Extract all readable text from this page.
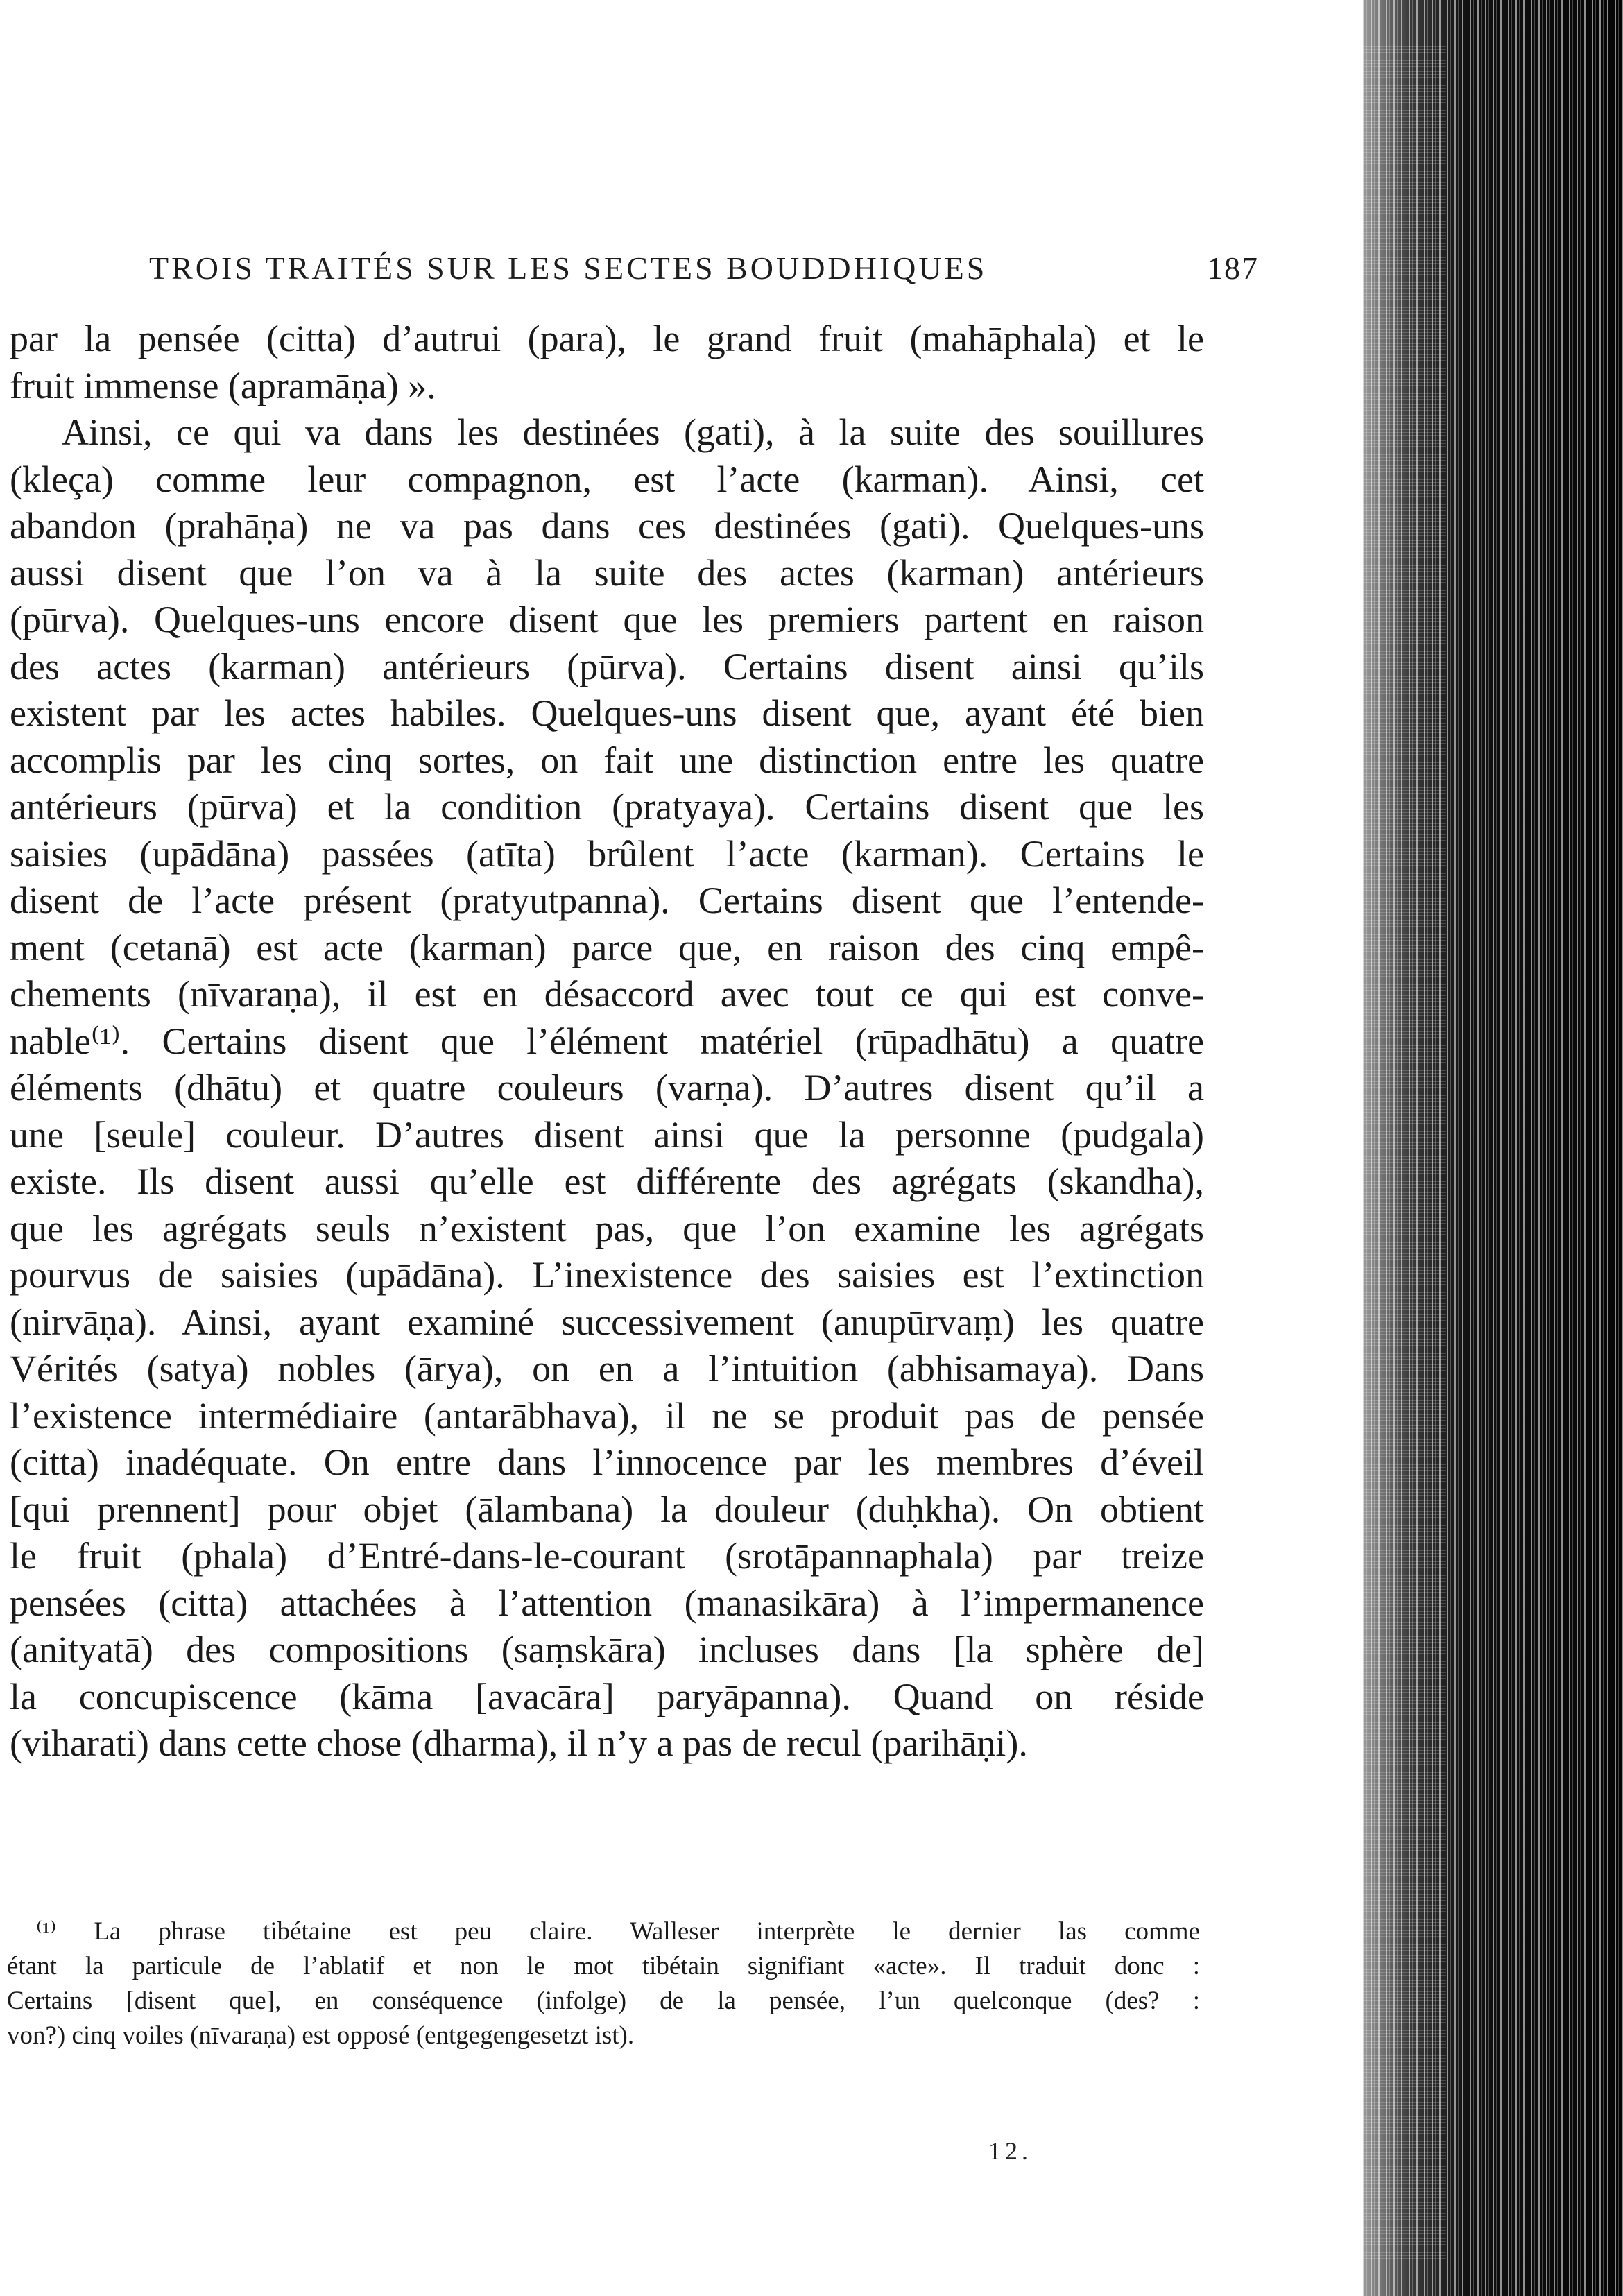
TROIS TRAITÉS SUR LES SECTES BOUDDHIQUES	187
par la pensée (citta) d’autrui (para), le grand fruit (mahāphala) et le
fruit immense (apramāṇa) ».
Ainsi, ce qui va dans les destinées (gati), à la suite des souillures
(kleça) comme leur compagnon, est l’acte (karman). Ainsi, cet
abandon (prahāṇa) ne va pas dans ces destinées (gati). Quelques-uns
aussi disent que l’on va à la suite des actes (karman) antérieurs
(pūrva). Quelques-uns encore disent que les premiers partent en raison
des actes (karman) antérieurs (pūrva). Certains disent ainsi qu’ils
existent par les actes habiles. Quelques-uns disent que, ayant été bien
accomplis par les cinq sortes, on fait une distinction entre les quatre
antérieurs (pūrva) et la condition (pratyaya). Certains disent que les
saisies (upādāna) passées (atīta) brûlent l’acte (karman). Certains le
disent de l’acte présent (pratyutpanna). Certains disent que l’entende-
ment (cetanā) est acte (karman) parce que, en raison des cinq empê-
chements (nīvaraṇa), il est en désaccord avec tout ce qui est conve-
nable⁽¹⁾. Certains disent que l’élément matériel (rūpadhātu) a quatre
éléments (dhātu) et quatre couleurs (varṇa). D’autres disent qu’il a
une [seule] couleur. D’autres disent ainsi que la personne (pudgala)
existe. Ils disent aussi qu’elle est différente des agrégats (skandha),
que les agrégats seuls n’existent pas, que l’on examine les agrégats
pourvus de saisies (upādāna). L’inexistence des saisies est l’extinction
(nirvāṇa). Ainsi, ayant examiné successivement (anupūrvaṃ) les quatre
Vérités (satya) nobles (ārya), on en a l’intuition (abhisamaya). Dans
l’existence intermédiaire (antarābhava), il ne se produit pas de pensée
(citta) inadéquate. On entre dans l’innocence par les membres d’éveil
[qui prennent] pour objet (ālambana) la douleur (duḥkha). On obtient
le fruit (phala) d’Entré-dans-le-courant (srotāpannaphala) par treize
pensées (citta) attachées à l’attention (manasikāra) à l’impermanence
(anityatā) des compositions (saṃskāra) incluses dans [la sphère de]
la concupiscence (kāma [avacāra] paryāpanna). Quand on réside
(viharati) dans cette chose (dharma), il n’y a pas de recul (parihāṇi).
⁽¹⁾ La phrase tibétaine est peu claire. Walleser interprète le dernier las comme
étant la particule de l’ablatif et non le mot tibétain signifiant «acte». Il traduit donc :
Certains [disent que], en conséquence (infolge) de la pensée, l’un quelconque (des? :
von?) cinq voiles (nīvaraṇa) est opposé (entgegengesetzt ist).
12.
